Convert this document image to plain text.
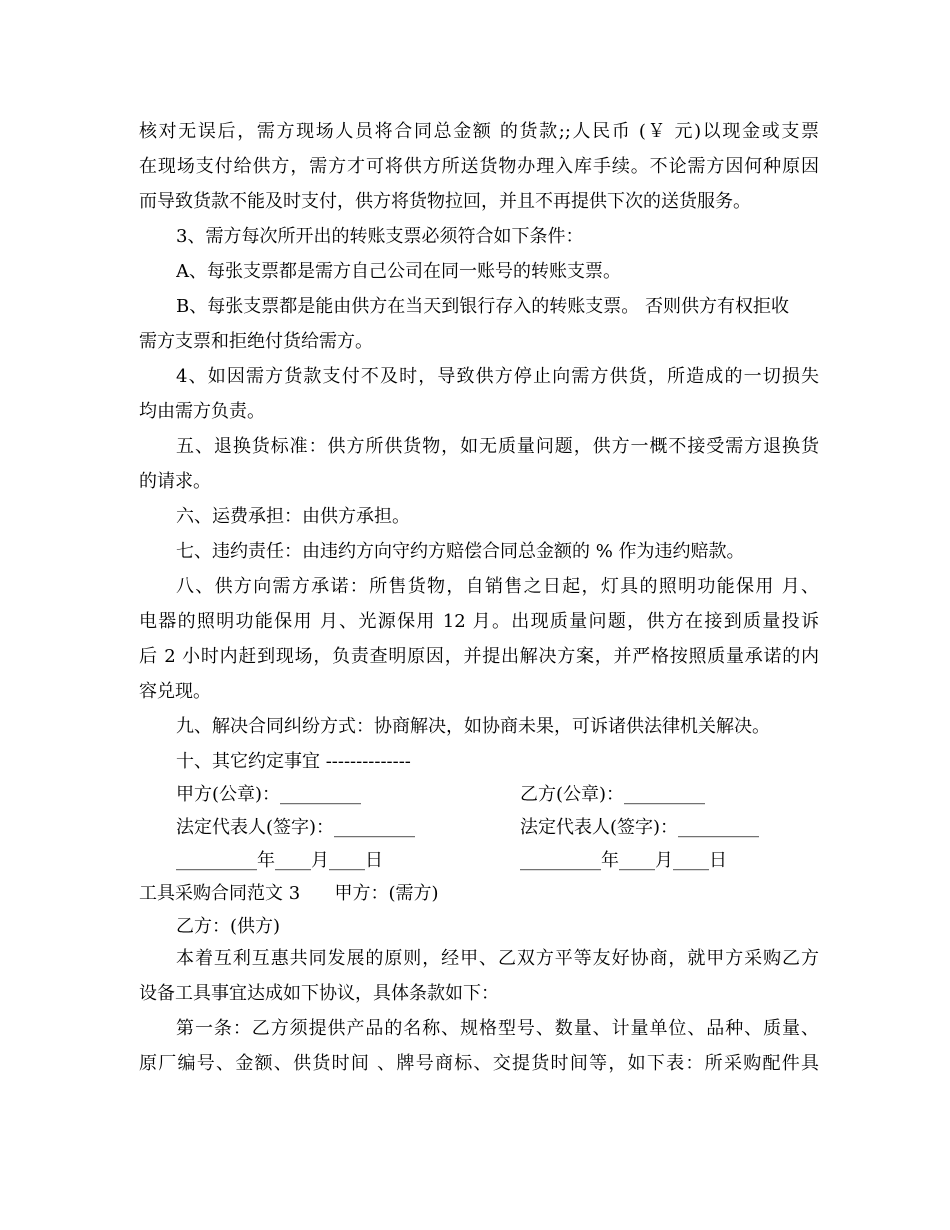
核对无误后，需方现场人员将合同总金额 的货款;;人民币 (￥ 元)以现金或支票
在现场支付给供方，需方才可将供方所送货物办理入库手续。不论需方因何种原因
而导致货款不能及时支付，供方将货物拉回，并且不再提供下次的送货服务。
3、需方每次所开出的转账支票必须符合如下条件：
A、每张支票都是需方自己公司在同一账号的转账支票。
B、每张支票都是能由供方在当天到银行存入的转账支票。 否则供方有权拒收
需方支票和拒绝付货给需方。
4、如因需方货款支付不及时，导致供方停止向需方供货，所造成的一切损失
均由需方负责。
五、退换货标准：供方所供货物，如无质量问题，供方一概不接受需方退换货
的请求。
六、运费承担：由供方承担。
七、违约责任：由违约方向守约方赔偿合同总金额的 % 作为违约赔款。
八、供方向需方承诺：所售货物，自销售之日起，灯具的照明功能保用 月、
电器的照明功能保用 月、光源保用 12 月。出现质量问题，供方在接到质量投诉
后 2 小时内赶到现场，负责查明原因，并提出解决方案，并严格按照质量承诺的内
容兑现。
九、解决合同纠纷方式：协商解决，如协商未果，可诉诸供法律机关解决。
十、其它约定事宜 --------------
甲方(公章)：_________	乙方(公章)：_________
法定代表人(签字)：_________	法定代表人(签字)：_________
_________年____月____日	_________年____月____日
工具采购合同范文 3      甲方：(需方)
乙方：(供方)
本着互利互惠共同发展的原则，经甲、乙双方平等友好协商，就甲方采购乙方
设备工具事宜达成如下协议，具体条款如下：
第一条：乙方须提供产品的名称、规格型号、数量、计量单位、品种、质量、
原厂编号、金额、供货时间 、牌号商标、交提货时间等，如下表：所采购配件具
